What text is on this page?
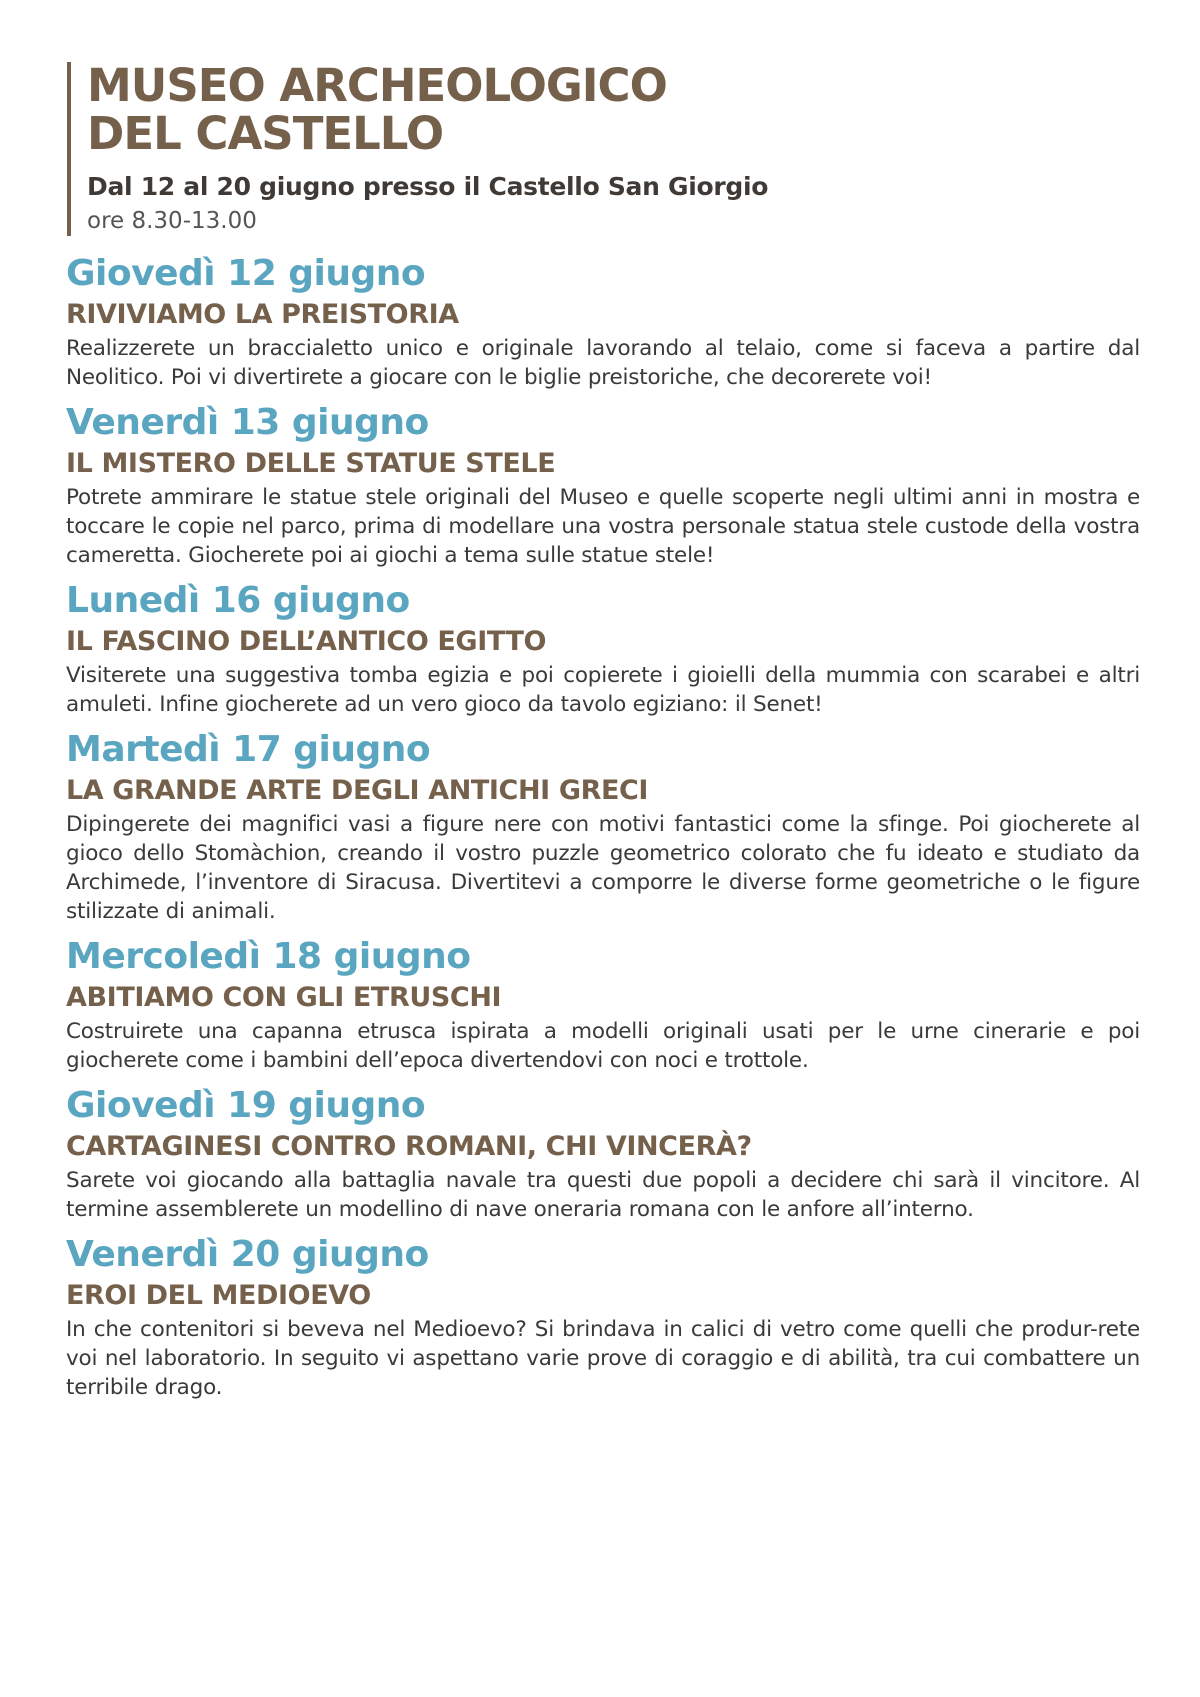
MUSEO ARCHEOLOGICO
DEL CASTELLO
Dal 12 al 20 giugno presso il Castello San Giorgio
ore 8.30-13.00
Giovedì 12 giugno
RIVIVIAMO LA PREISTORIA
Realizzerete un braccialetto unico e originale lavorando al telaio, come si faceva a partire dal Neolitico. Poi vi divertirete a giocare con le biglie preistoriche, che decorerete voi!
Venerdì 13 giugno
IL MISTERO DELLE STATUE STELE
Potrete ammirare le statue stele originali del Museo e quelle scoperte negli ultimi anni in mostra e toccare le copie nel parco, prima di modellare una vostra personale statua stele custode della vostra cameretta. Giocherete poi ai giochi a tema sulle statue stele!
Lunedì 16 giugno
IL FASCINO DELL’ANTICO EGITTO
Visiterete una suggestiva tomba egizia e poi copierete i gioielli della mummia con scarabei e altri amuleti. Infine giocherete ad un vero gioco da tavolo egiziano: il Senet!
Martedì 17 giugno
LA GRANDE ARTE DEGLI ANTICHI GRECI
Dipingerete dei magnifici vasi a figure nere con motivi fantastici come la sfinge. Poi giocherete al gioco dello Stomàchion, creando il vostro puzzle geometrico colorato che fu ideato e studiato da Archimede, l’inventore di Siracusa. Divertitevi a comporre le diverse forme geometriche o le figure stilizzate di animali.
Mercoledì 18 giugno
ABITIAMO CON GLI ETRUSCHI
Costruirete una capanna etrusca ispirata a modelli originali usati per le urne cinerarie e poi giocherete come i bambini dell’epoca divertendovi con noci e trottole.
Giovedì 19 giugno
CARTAGINESI CONTRO ROMANI, CHI VINCERÀ?
Sarete voi giocando alla battaglia navale tra questi due popoli a decidere chi sarà il vincitore. Al termine assemblerete un modellino di nave oneraria romana con le anfore all’interno.
Venerdì 20 giugno
EROI DEL MEDIOEVO
In che contenitori si beveva nel Medioevo? Si brindava in calici di vetro come quelli che produr-rete voi nel laboratorio. In seguito vi aspettano varie prove di coraggio e di abilità, tra cui combattere un terribile drago.
